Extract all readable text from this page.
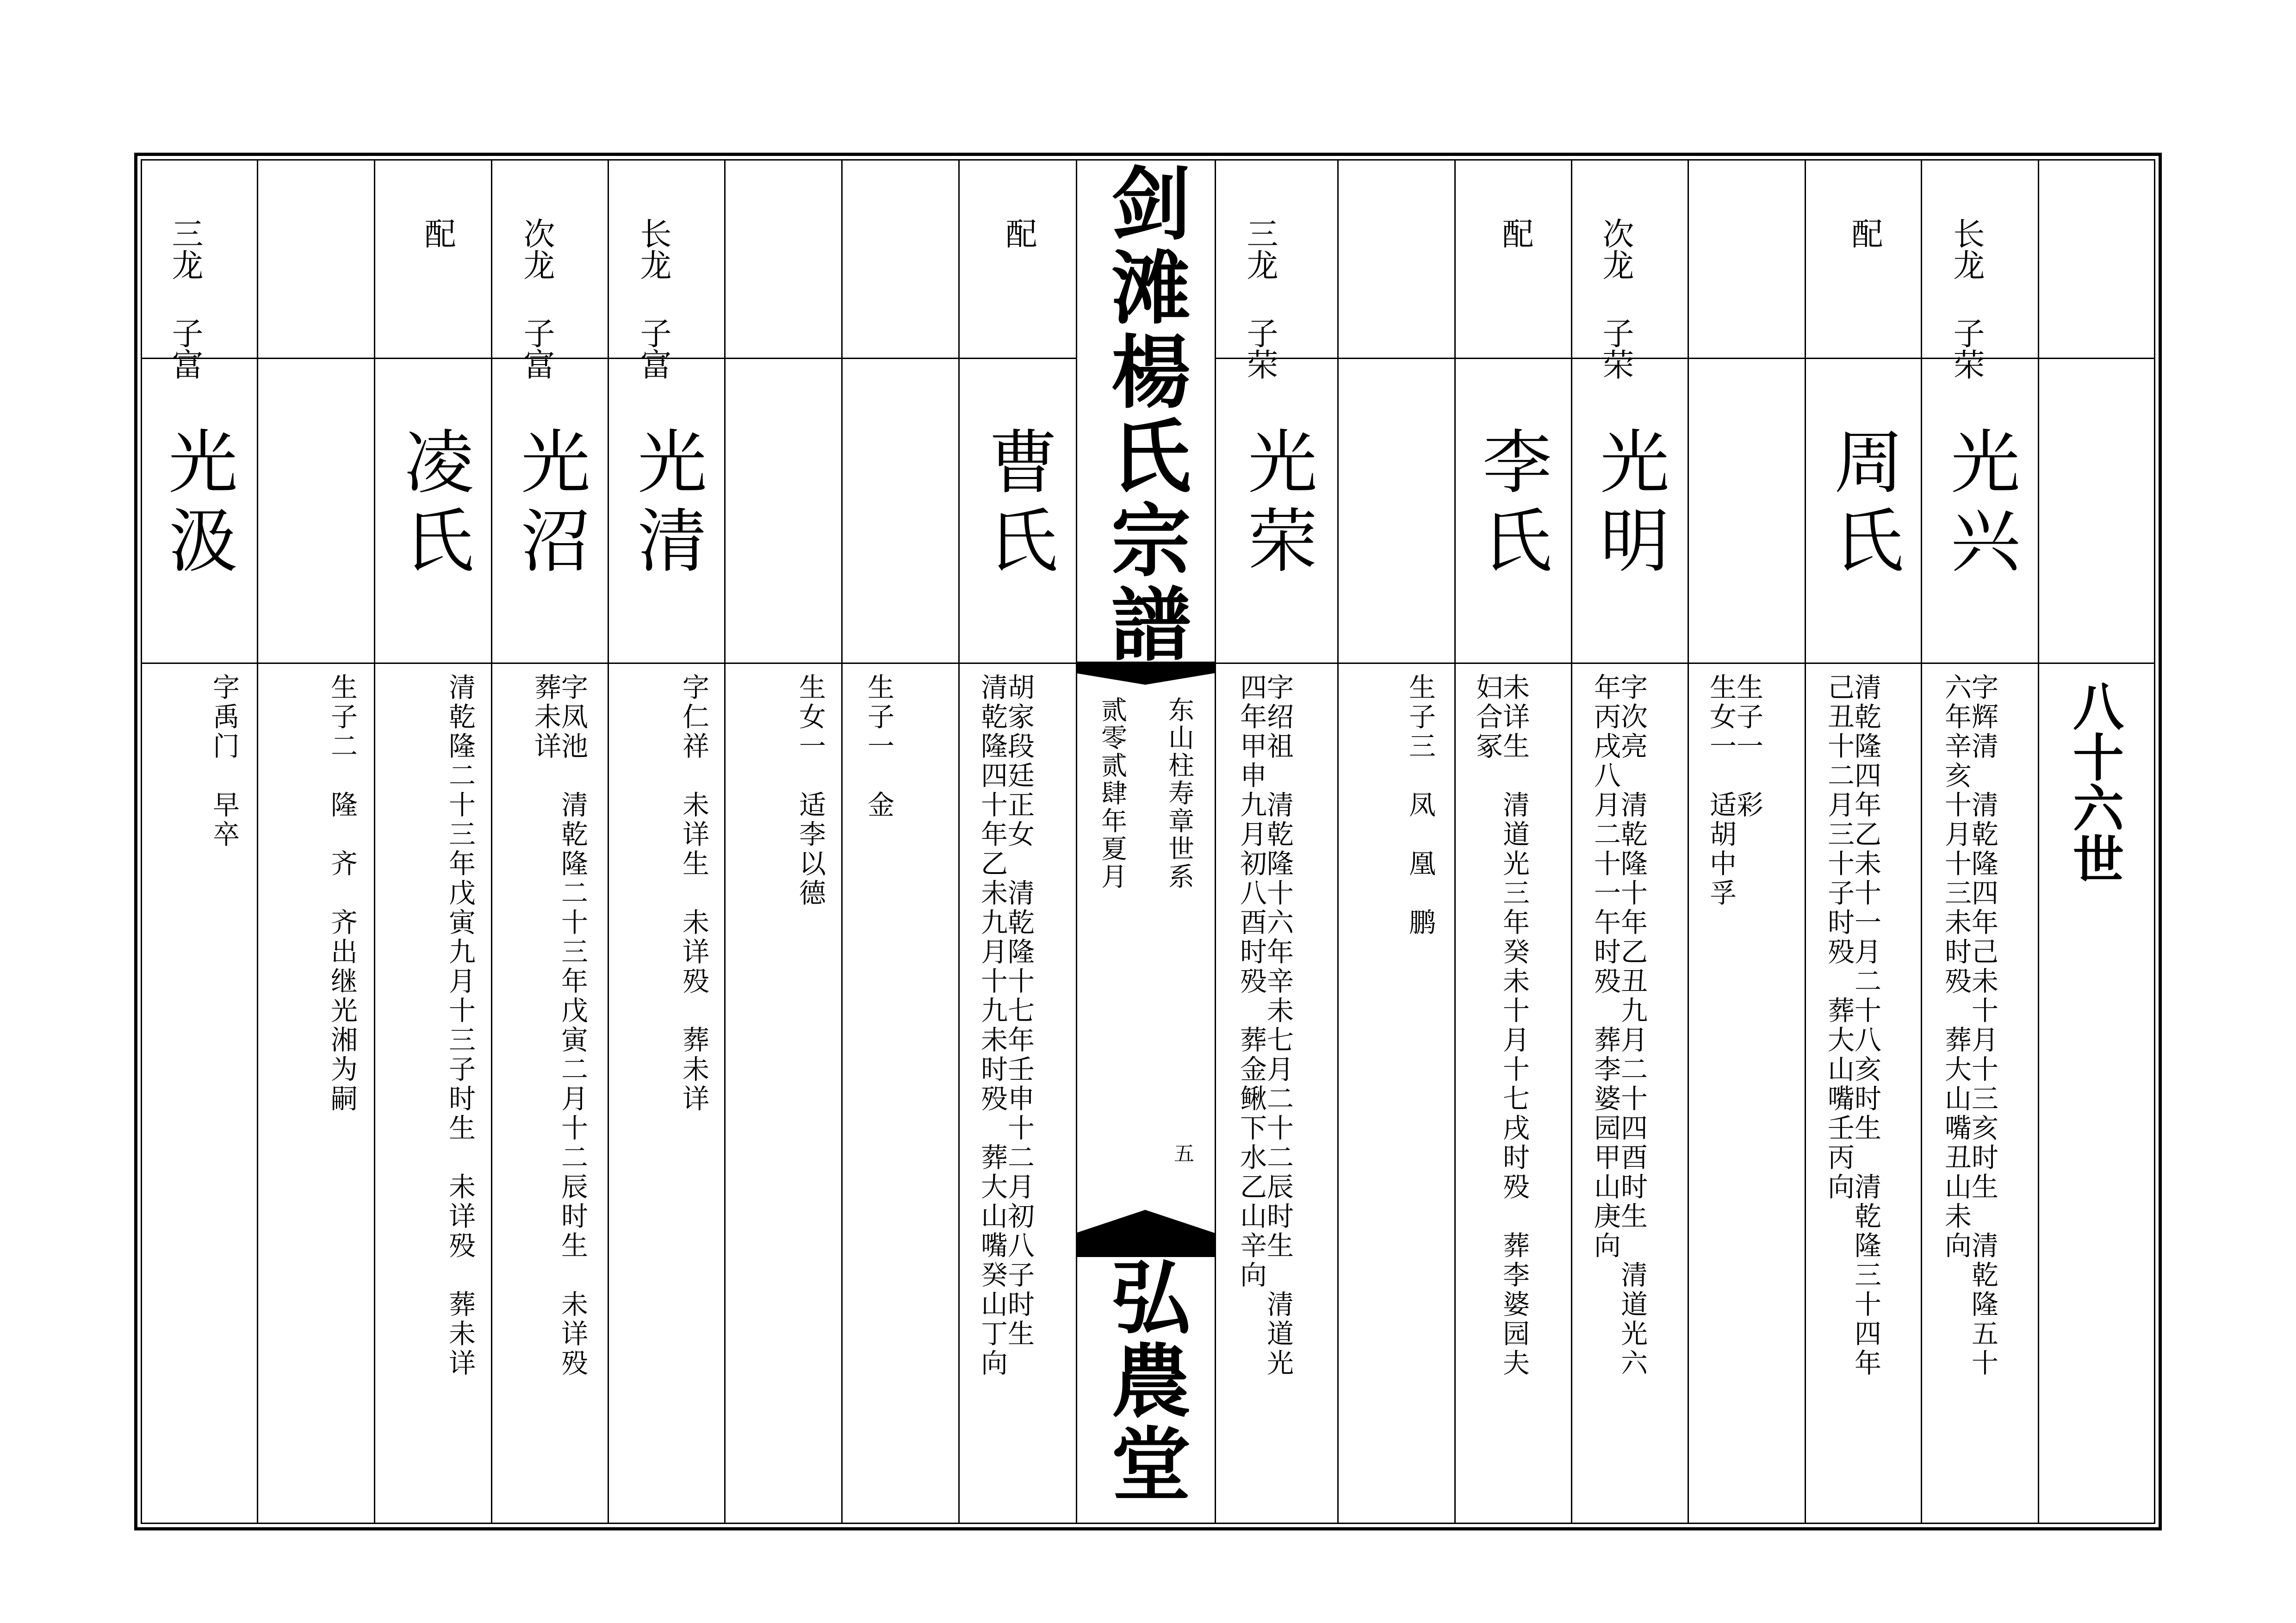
剑滩楊氏宗譜
东山柱寿章世系
贰零贰肆年夏月
五
弘農堂
八十六世
三龙 子富
光汲
字禹门　早卒	生子二　隆　齐　齐出继光湘为嗣
配
凌氏
清乾隆二十三年戊寅九月十三子时生　未详殁　葬未详
次龙 子富
光沼
字凤池　清乾隆二十三年戊寅二月十二辰时生　未详殁
葬未详
长龙 子富
光清
字仁祥　未详生　未详殁　葬未详	生女一　适李以德 生子一　金
配
曹氏
胡家段廷正女　清乾隆十七年壬申十二月初八子时生
清乾隆四十年乙未九月十九未时殁　葬大山嘴癸山丁向
三龙 子荣
光荣
字绍祖　清乾隆十六年辛未七月二十二辰时生　清道光
四年甲申九月初八酉时殁　葬金鳅下水乙山辛向
生子三　凤　凰　鹏
配
李氏
未详生　清道光三年癸未十月十七戌时殁　葬李婆园夫
妇合冢
次龙 子荣
光明
字次亮　清乾隆十年乙丑九月二十四酉时生　清道光六
年丙戌八月二十一午时殁　葬李婆园甲山庚向
生子一　彩
生女一　适胡中孚
配
周氏
清乾隆四年乙未十一月二十八亥时生　清乾隆三十四年
己丑十二月三十子时殁　葬大山嘴壬丙向
长龙 子荣
光兴
字辉清　清乾隆四年己未十月十三亥时生　清乾隆五十
六年辛亥十月十三未时殁　葬大山嘴丑山未向
